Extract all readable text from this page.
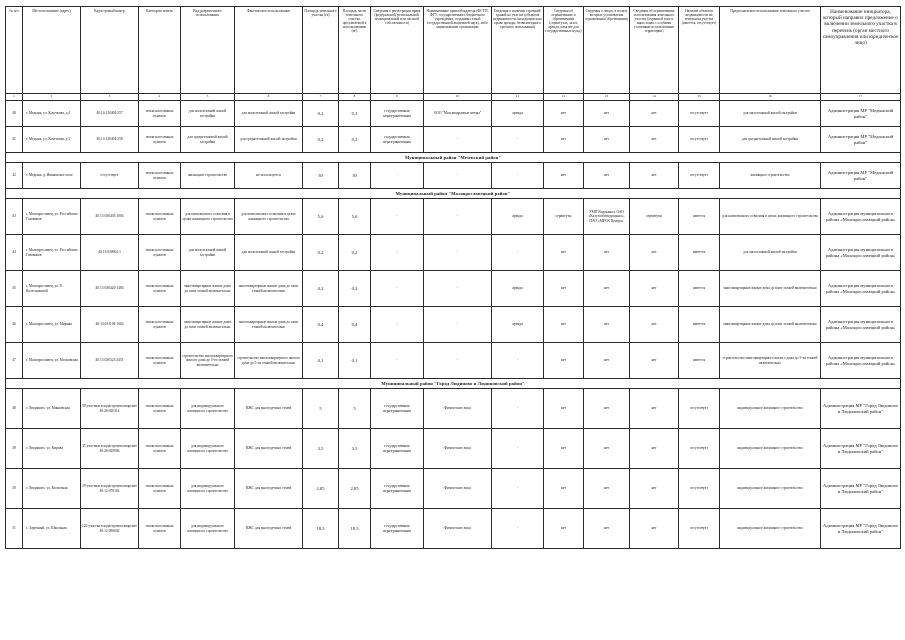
№ п/п	Местоположение (адрес)	Кадастровый номер	Категория земель	Вид разрешенного использования	Фактическое использование	Площадь земельного участка (га)	Площадь части земельного участка, предлагаемой к использованию (м²)	Сведения о регистрации права (федеральной, региональной, муниципальной или частной собственности)	Наименование правообладателя (ФГУП, ФГУ, государственного бюджетного учреждения, созданных такой государственной академией наук), либо наименование организации	Сведения о наличии строений/зданий на участке (объектов недвижимости, находящихся на праве аренды, безвозмездного срочного пользования)	Сведения об ограничениях и обременениях (сервитутах, залог, аренда, изъятие для государственных нужд)	Сведения о лицах, в пользу которых установлены ограничения (обременения)	Сведения об ограничениях использования земельного участка (охранной зоне и иных зонах с особыми условиями использования территории)	Наличие объектов недвижимости на земельном участке (имеется, отсутствует)	Предполагаемое использование земельного участка	Наименование инициатора, который направил предложение о включении земельного участка в перечень (орган местного самоуправления или юридическое лицо)
1	2	3	4	5	6	7	8	9	10	11	12	13	14	15	16	17
40	г. Медынь, ул. Кочеткова, д.4	40:14:120404:257	земли населенных пунктов	для малоэтажной жилой застройки	для малоэтажной жилой застройки	0,2	0,2	государственная неразграниченная	ООО "Мои квадратные метры"	аренда	нет	нет	нет	отсутствует	для малоэтажной жилой застройки	Администрация МР "Медынский район"
41	г. Медынь, ул. Кочеткова, д.5	40:14:120404:258	земли населенных пунктов	для среднеэтажной жилой застройки	для среднеэтажной жилой застройки	0,2	0,2	государственная неразграниченная	-	-	нет	нет	нет	отсутствует	для среднеэтажной жилой застройки	Администрация МР "Медынский район"
Муниципальный район "Мезенский район"																
42	г. Медынь, д. Ивановское поле	отсутствует	земли населенных пунктов	жилищное строительство	не используется	30	30	-	-	-	нет	нет	нет	отсутствует	жилищное строительство	Администрация МР "Медынский район"
Муниципальный район "Малоярославецкий район"																
43	г. Малоярославец, ул. Российских Газовиков	40:13:030405:1004	земли населенных пунктов	для комплексного освоения в целях жилищного строительства	для комплексного освоения в целях жилищного строительства	5,6	5,6	-	-	аренда	сервитуты	УМП Водоканал, ОАО «Калугаоблводоканал», ПАО «МРСК Центра»	сервитуты	имеется	для комплексного освоения в целях жилищного строительства	Администрация муниципального района «Малоярославецкий район»
44	г. Малоярославец, ул. Российских Газовиков	40:13:030902:1	земли населенных пунктов	для малоэтажной жилой застройки	для малоэтажной жилой застройки	0,2	0,2	-	-	-	нет	нет	нет	имеется	для малоэтажной жилой застройки	Администрация муниципального района «Малоярославецкий район»
45	г. Малоярославец, ул. О. Колесниковой	40:13:030420:1484	земли населенных пунктов	многоквартирные жилые дома до пяти этажей включительно	многоквартирные жилые дома до пяти этажей включительно	0,2	0,2	-	-	аренда	нет	нет	нет	имеется	многоквартирные жилые дома до пяти этажей включительно	Администрация муниципального района «Малоярославецкий район»
46	г. Малоярославец, ул. Мирная	40:13:031104:1604	земли населенных пунктов	многоквартирные жилые дома до пяти этажей включительно	многоквартирные жилые дома до пяти этажей включительно	0,4	0,4	-	-	аренда	нет	нет	нет	имеется	многоквартирные жилые дома до пяти этажей включительно	Администрация муниципального района «Малоярославецкий район»
47	г. Малоярославец, ул. Московская	40:13:030323:3451	земли населенных пунктов	строительство многоквартирного жилого дома до 5-ти этажей включительно	строительство многоквартирного жилого дома до 5-ти этажей включительно	0,1	0,1	-	-	-	нет	нет	нет	имеется	строительство многоквартирного жилого дома до 5-ти этажей включительно	Администрация муниципального района «Малоярославецкий район»
Муниципальный район "Город Людиново и Людиновский район"																
48	г. Людиново, ул. Маяковская	50 участков в кадастровом квартале 40:28:020314	земли населенных пунктов	для индивидуального жилищного строительства	ИЖС для многодетных семей	5	5	государственная неразграниченная	Физические лица	-	нет	нет	нет	отсутствует	индивидуальное жилищное строительство	Администрация МР "Город Людиново и Людиновский район"
49	г. Людиново, ул. Кирова	35 участков в кадастровом квартале 40:28:020906	земли населенных пунктов	для индивидуального жилищного строительства	ИЖС для многодетных семей	3,5	3,5	государственная неразграниченная	Физические лица	-	нет	нет	нет	отсутствует	индивидуальное жилищное строительство	Администрация МР "Город Людиново и Людиновский район"
50	г. Людиново, ул. Колхозная	19 участков в кадастровом квартале 40:12:070102	земли населенных пунктов	для индивидуального жилищного строительства	ИЖС для многодетных семей	2,85	2,85	государственная неразграниченная	Физические лица	-	нет	нет	нет	отсутствует	индивидуальное жилищное строительство	Администрация МР "Город Людиново и Людиновский район"
51	с. Заречный, ул. Школьная	122 участка в кадастровом квартале 40:12:090602	земли населенных пунктов	для индивидуального жилищного строительства	ИЖС для многодетных семей	18,3	18,3	государственная неразграниченная	Физические лица	-	нет	нет	нет	отсутствует	индивидуальное жилищное строительство	Администрация МР "Город Людиново и Людиновский район"
